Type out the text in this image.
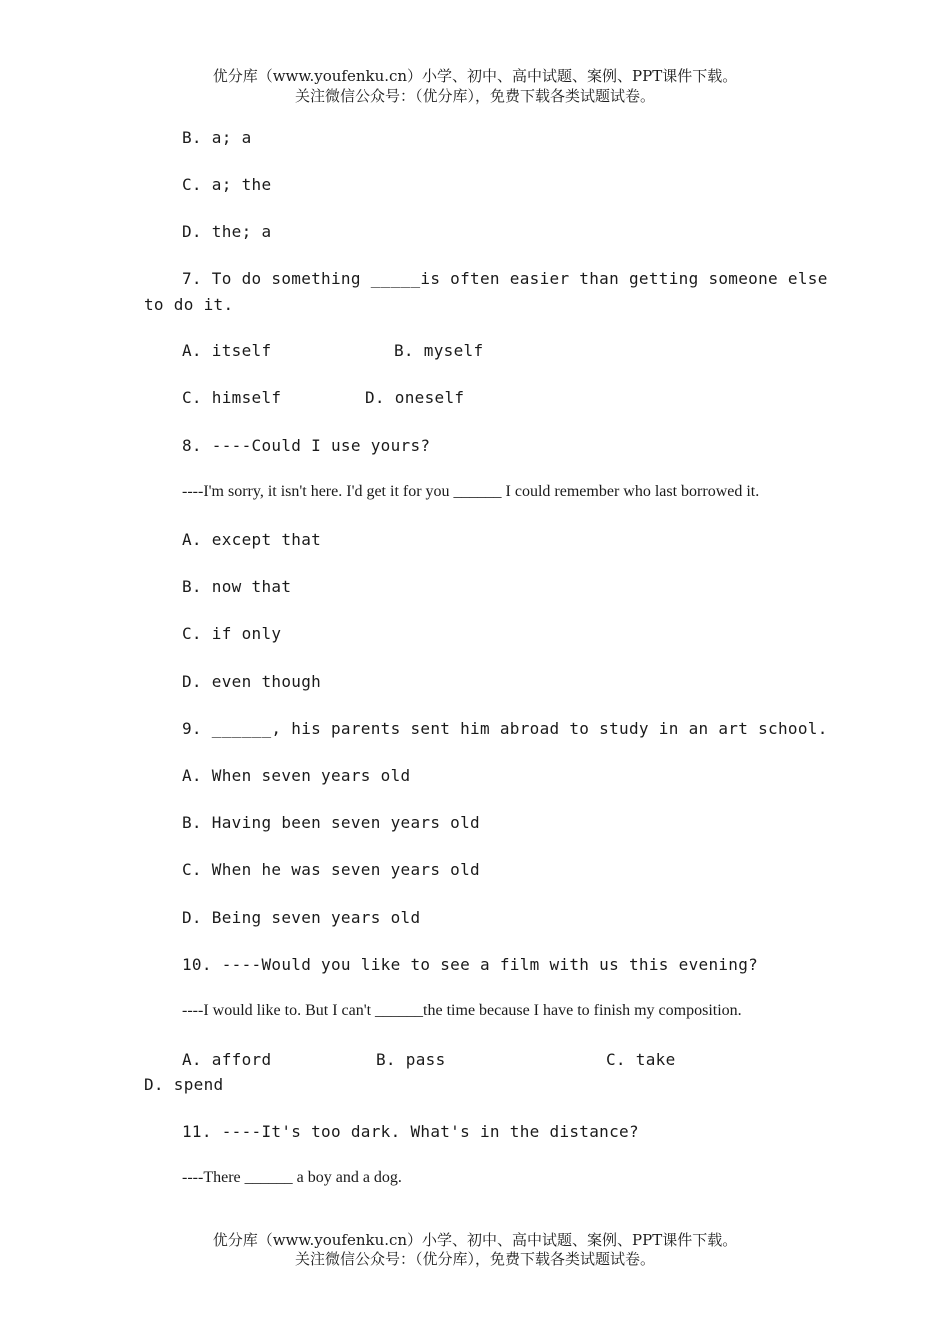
优分库（www.youfenku.cn）小学、初中、高中试题、案例、PPT课件下载。
关注微信公众号：（优分库），免费下载各类试题试卷。
B. a; a
C. a; the
D. the; a
7. To do something _____is often easier than getting someone else
to do it.
A. itself	B. myself
C. himself	D. oneself
8. ----Could I use yours?
----I'm sorry, it isn't here. I'd get it for you ______ I could remember who last borrowed it.
A. except that
B. now that
C. if only
D. even though
9. ______, his parents sent him abroad to study in an art school.
A. When seven years old
B. Having been seven years old
C. When he was seven years old
D. Being seven years old
10. ----Would you like to see a film with us this evening?
----I would like to. But I can't ______the time because I have to finish my composition.
A. afford	B. pass	C. take
D. spend
11. ----It's too dark. What's in the distance?
----There ______ a boy and a dog.
优分库（www.youfenku.cn）小学、初中、高中试题、案例、PPT课件下载。
关注微信公众号：（优分库），免费下载各类试题试卷。
